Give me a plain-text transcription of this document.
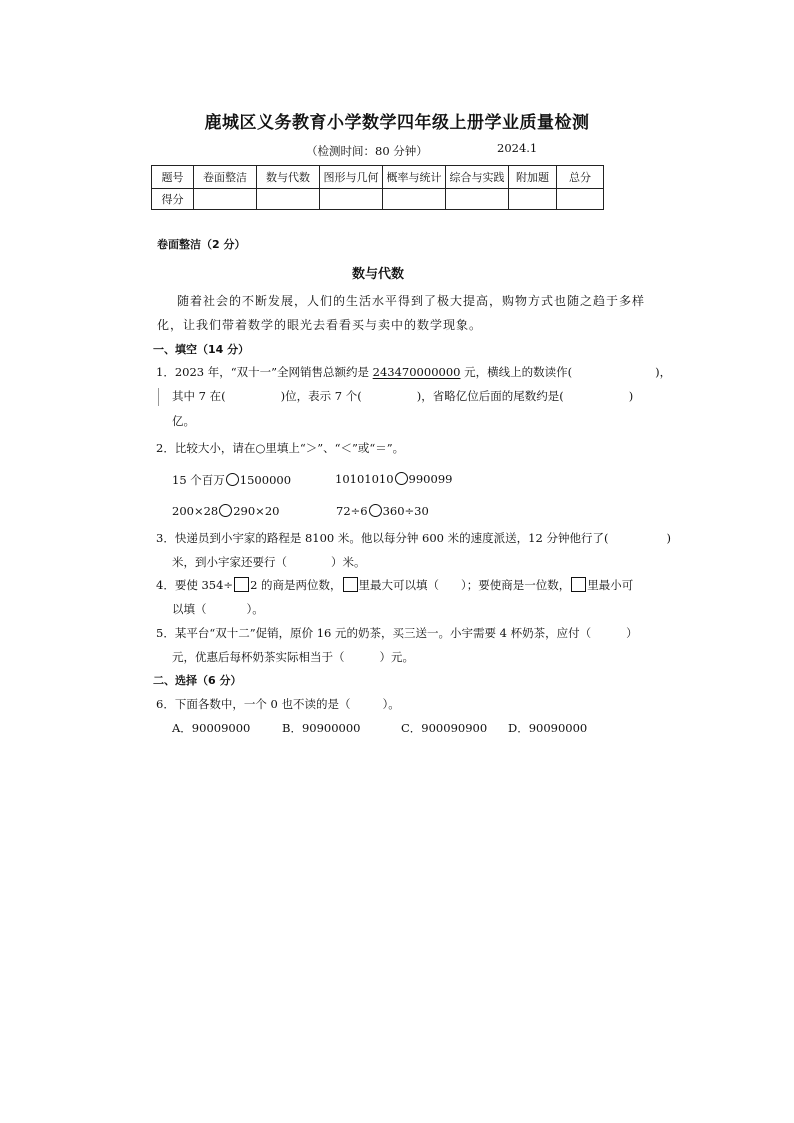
鹿城区义务教育小学数学四年级上册学业质量检测
（检测时间：80 分钟）	2024.1
题号	卷面整洁	数与代数	图形与几何	概率与统计	综合与实践	附加题	总分
得分							
卷面整洁（2 分）
数与代数
随着社会的不断发展，人们的生活水平得到了极大提高，购物方式也随之趋于多样
化，让我们带着数学的眼光去看看买与卖中的数学现象。
一、填空（14 分）
1．2023 年，“双十一”全网销售总额约是 243470000000 元，横线上的数读作(	)，
其中 7 在(	)位，表示 7 个(	)，省略亿位后面的尾数约是(	)
亿。
2．比较大小，请在○里填上“＞”、“＜”或“＝”。
15 个百万 1500000	10101010 990099
200×28 290×20	72÷6 360÷30
3．快递员到小宇家的路程是 8100 米。他以每分钟 600 米的速度派送，12 分钟他行了(	)
米，到小宇家还要行（	）米。
4．要使 354÷ 2 的商是两位数， 里最大可以填（ ）；要使商是一位数， 里最小可
以填（	）。
5．某平台“双十二”促销，原价 16 元的奶茶，买三送一。小宇需要 4 杯奶茶，应付（	）
元，优惠后每杯奶茶实际相当于（	）元。
二、选择（6 分）
6．下面各数中，一个 0 也不读的是（	）。
A．90009000	B．90900000	C．900090900 D．90090000
